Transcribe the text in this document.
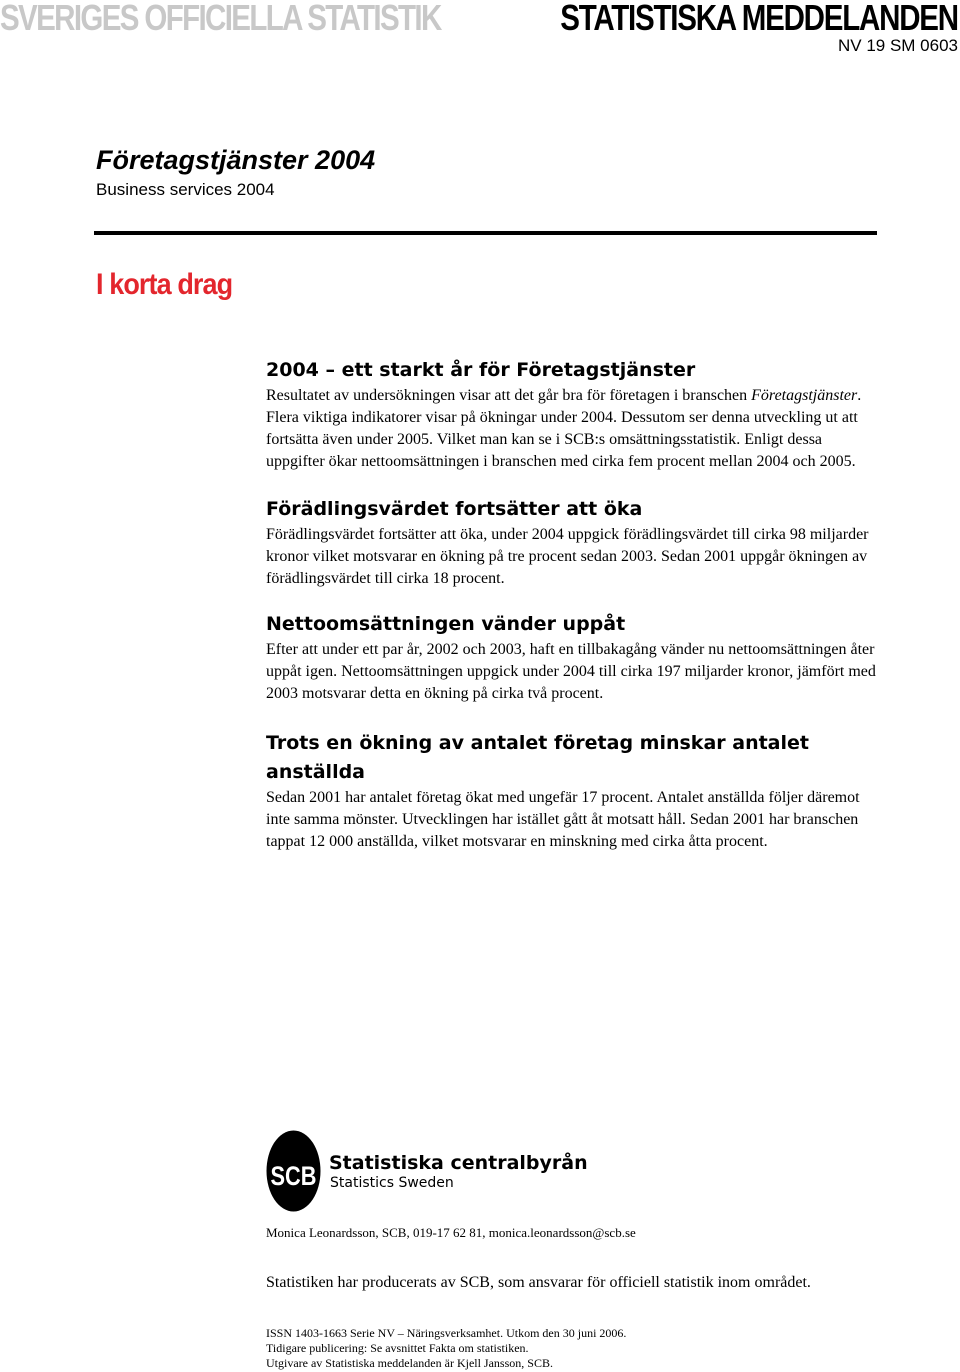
SVERIGES OFFICIELLA STATISTIK	STATISTISKA MEDDELANDEN
NV 19 SM 0603
Företagstjänster 2004
Business services 2004
I korta drag
2004 – ett starkt år för Företagstjänster

Resultatet av undersökningen visar att det går bra för företagen i branschen Företagstjänster. Flera viktiga indikatorer visar på ökningar under 2004. Dessutom ser denna utveckling ut att fortsätta även under 2005. Vilket man kan se i SCB:s omsättningsstatistik. Enligt dessa uppgifter ökar nettoomsättningen i branschen med cirka fem procent mellan 2004 och 2005.

Förädlingsvärdet fortsätter att öka

Förädlingsvärdet fortsätter att öka, under 2004 uppgick förädlingsvärdet till cirka 98 miljarder kronor vilket motsvarar en ökning på tre procent sedan 2003. Sedan 2001 uppgår ökningen av förädlingsvärdet till cirka 18 procent.

Nettoomsättningen vänder uppåt

Efter att under ett par år, 2002 och 2003, haft en tillbakagång vänder nu nettoomsättningen åter uppåt igen. Nettoomsättningen uppgick under 2004 till cirka 197 miljarder kronor, jämfört med 2003 motsvarar detta en ökning på cirka två procent.

Trots en ökning av antalet företag minskar antalet anställda

Sedan 2001 har antalet företag ökat med ungefär 17 procent. Antalet anställda följer däremot inte samma mönster. Utvecklingen har istället gått åt motsatt håll. Sedan 2001 har branschen tappat 12 000 anställda, vilket motsvarar en minskning med cirka åtta procent.

SCB Statistiska centralbyrån
Statistics Sweden
Monica Leonardsson, SCB, 019-17 62 81, monica.leonardsson@scb.se

Statistiken har producerats av SCB, som ansvarar för officiell statistik inom området.

ISSN 1403-1663 Serie NV – Näringsverksamhet. Utkom den 30 juni 2006.
Tidigare publicering: Se avsnittet Fakta om statistiken.
Utgivare av Statistiska meddelanden är Kjell Jansson, SCB.
